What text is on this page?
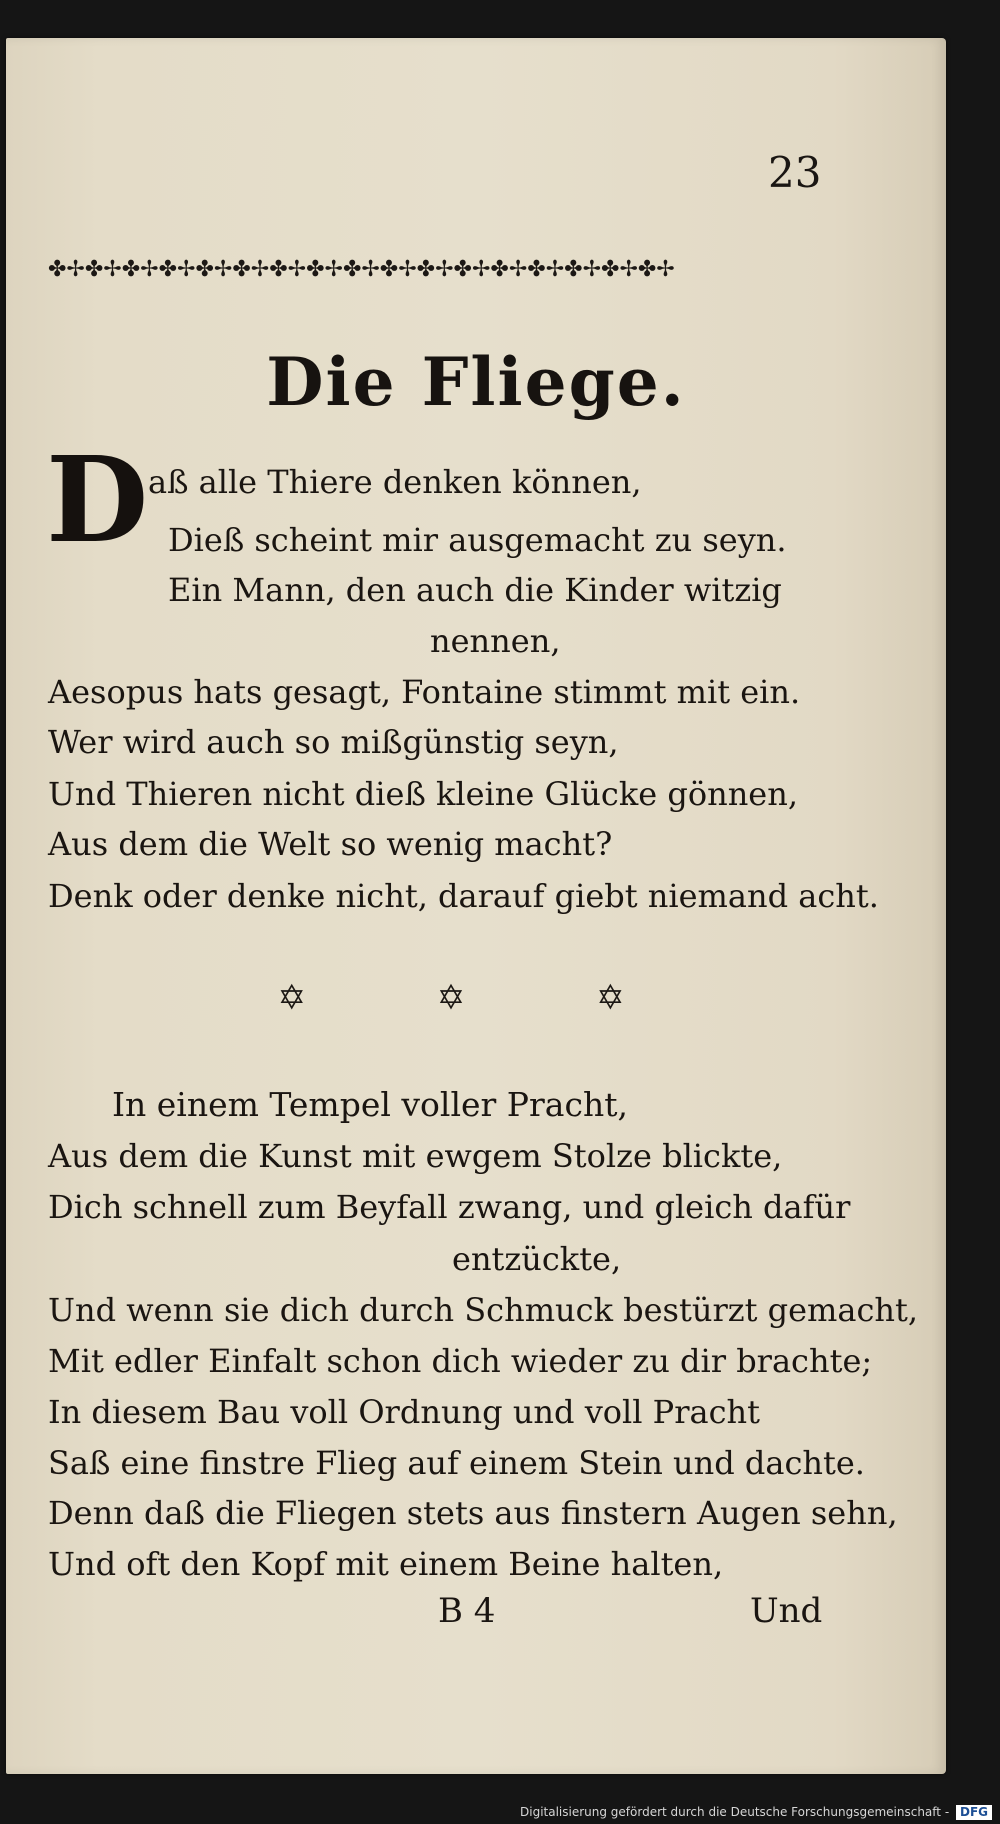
23
✤✢✤✢✤✢✤✢✤✢✤✢✤✢✤✢✤✢✤✢✤✢✤✢✤✢✤✢✤✢✤✢✤✢
Die Fliege.
D aß alle Thiere denken können,
Dieß scheint mir ausgemacht zu seyn.
Ein Mann, den auch die Kinder witzig
nennen,
Aesopus hats gesagt, Fontaine stimmt mit ein.
Wer wird auch so mißgünstig seyn,
Und Thieren nicht dieß kleine Glücke gönnen,
Aus dem die Welt so wenig macht?
Denk oder denke nicht, darauf giebt niemand acht.
✡ ✡ ✡
In einem Tempel voller Pracht,
Aus dem die Kunst mit ewgem Stolze blickte,
Dich schnell zum Beyfall zwang, und gleich dafür
entzückte,
Und wenn sie dich durch Schmuck bestürzt gemacht,
Mit edler Einfalt schon dich wieder zu dir brachte;
In diesem Bau voll Ordnung und voll Pracht
Saß eine finstre Flieg auf einem Stein und dachte.
Denn daß die Fliegen stets aus finstern Augen sehn,
Und oft den Kopf mit einem Beine halten,
B 4	Und
Digitalisierung gefördert durch die Deutsche Forschungsgemeinschaft - DFG
